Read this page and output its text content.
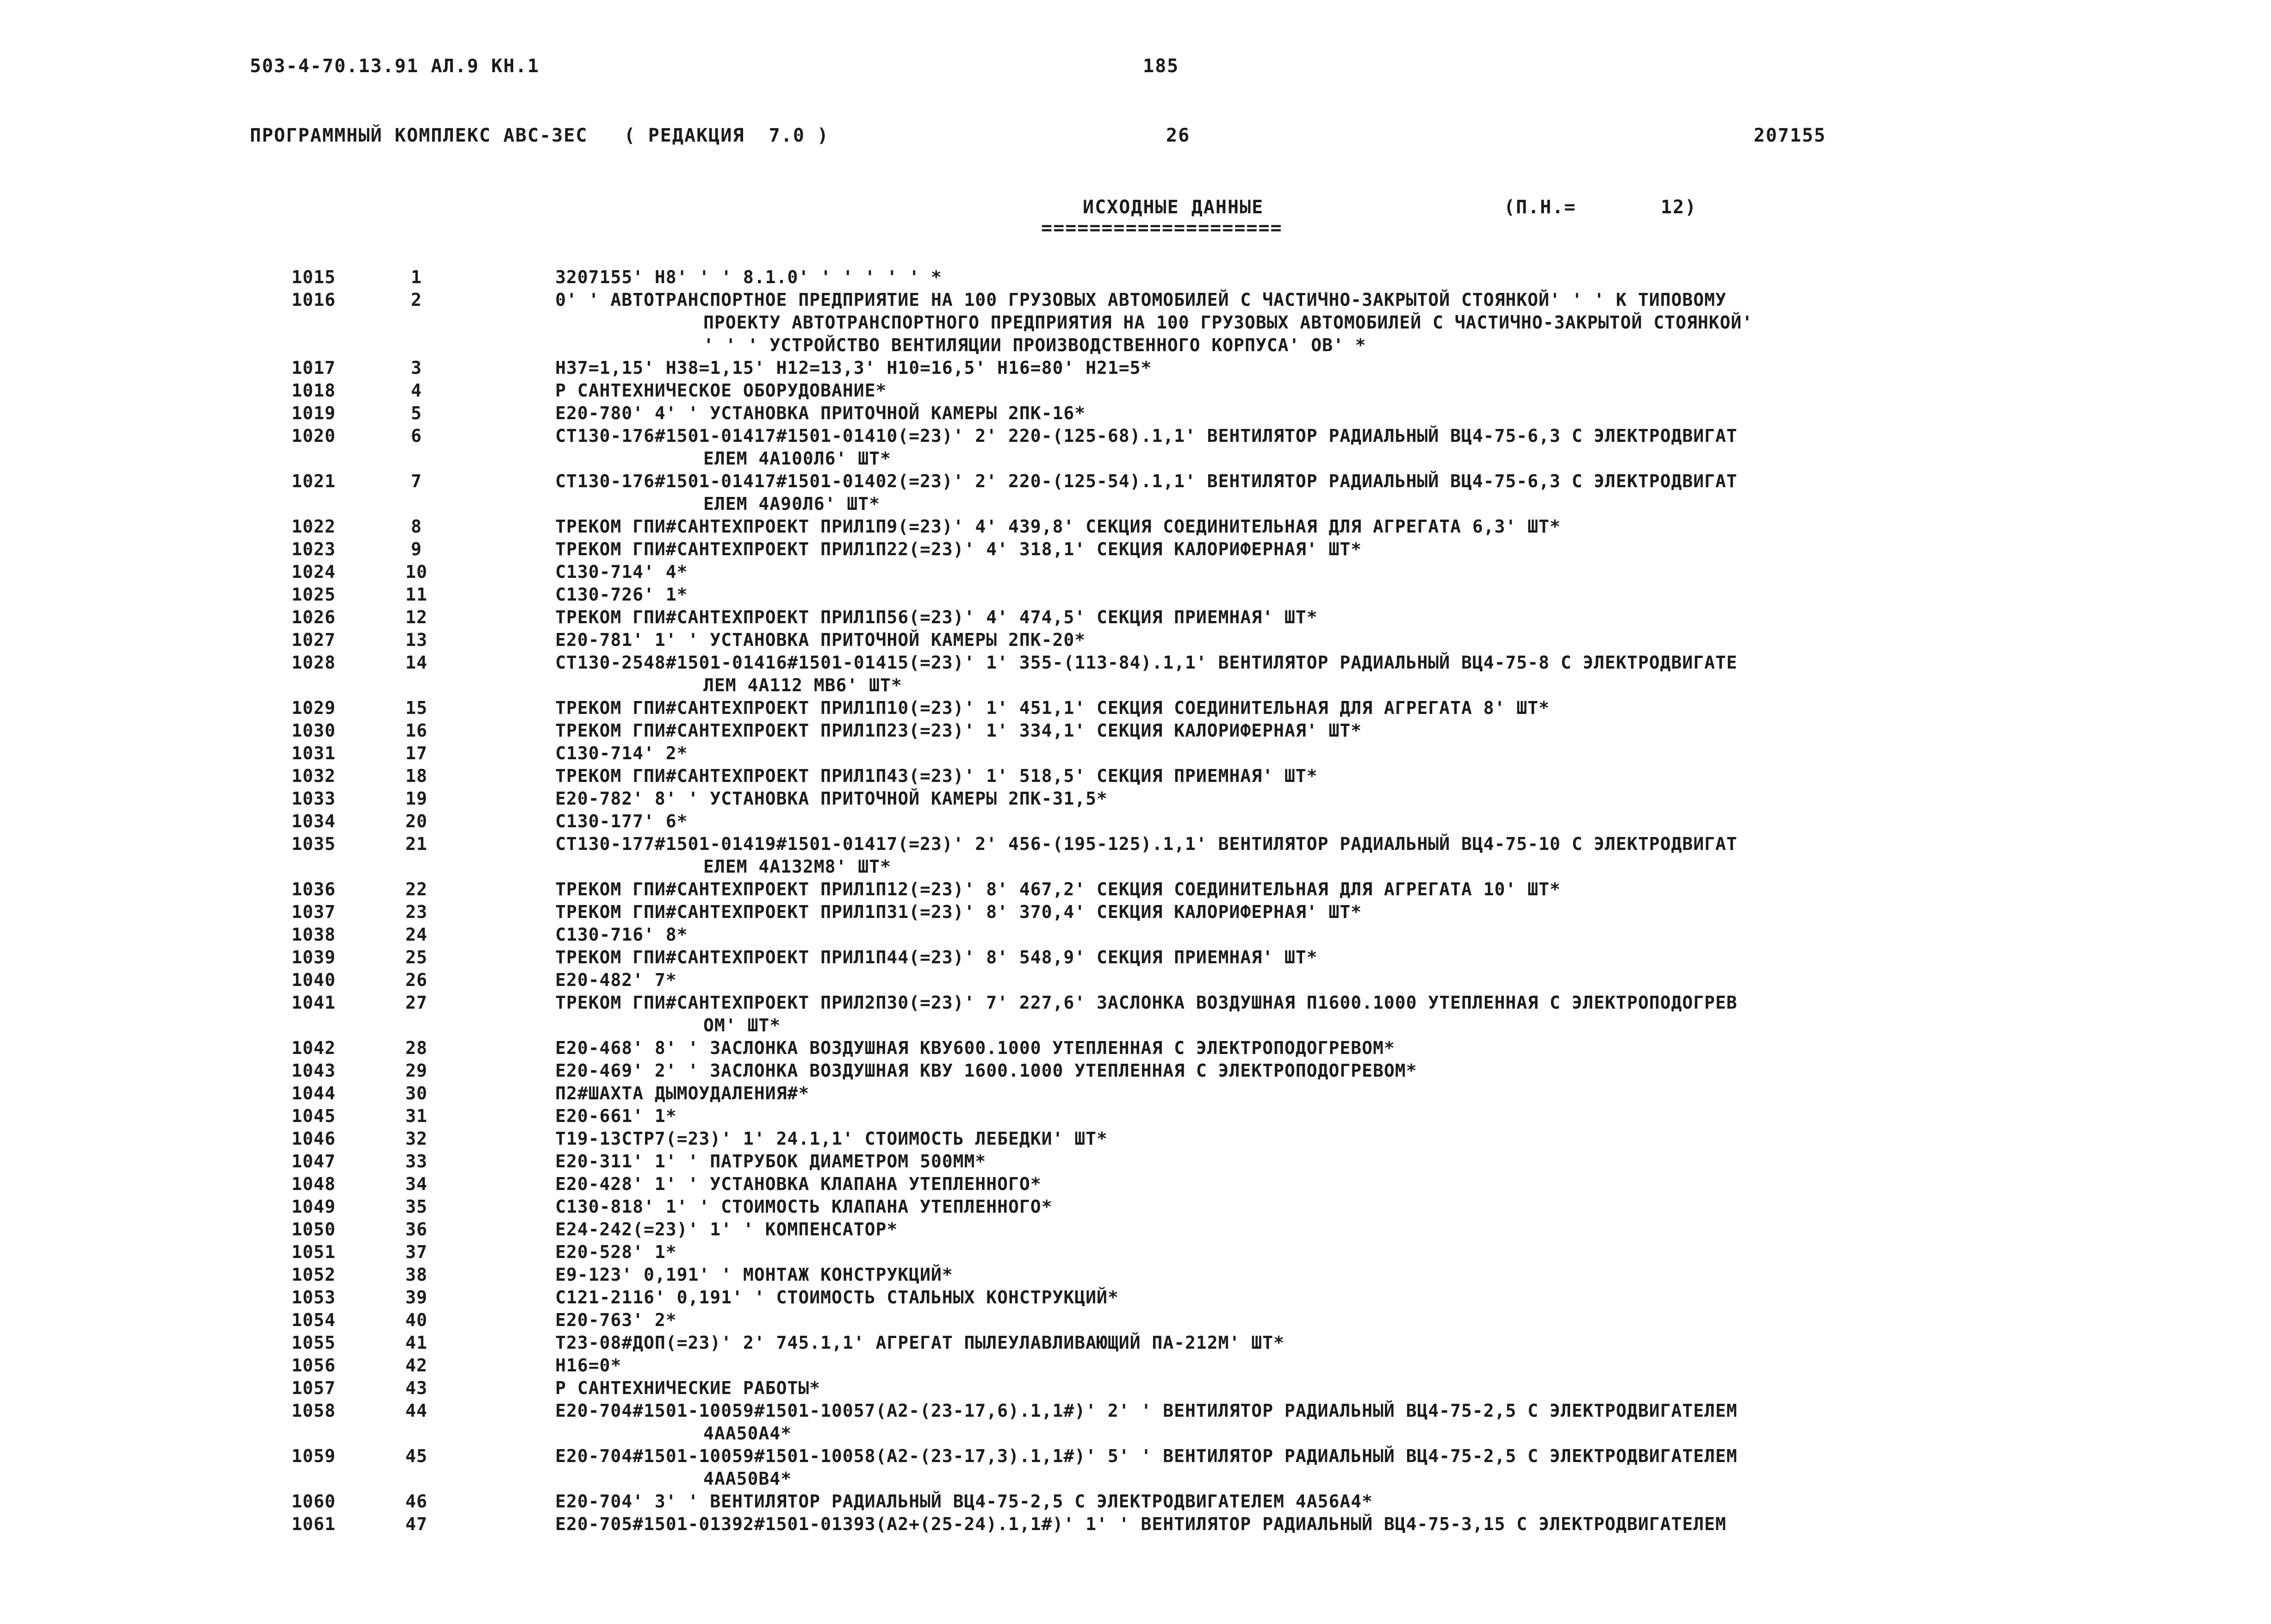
503-4-70.13.91 АЛ.9 КН.1	185
ПРОГРАММНЫЙ КОМПЛЕКС АВС-3ЕС   ( РЕДАКЦИЯ  7.0 )	26	207155
ИСХОДНЫЕ ДАННЫЕ
====================
(П.Н.=       12)
1015	1	3207155' Н8' ' ' 8.1.0' ' ' ' ' ' *
1016	2	0' ' АВТОТРАНСПОРТНОЕ ПРЕДПРИЯТИЕ НА 100 ГРУЗОВЫХ АВТОМОБИЛЕЙ С ЧАСТИЧНО-ЗАКРЫТОЙ СТОЯНКОЙ' ' ' К ТИПОВОМУ
ПРОЕКТУ АВТОТРАНСПОРТНОГО ПРЕДПРИЯТИЯ НА 100 ГРУЗОВЫХ АВТОМОБИЛЕЙ С ЧАСТИЧНО-ЗАКРЫТОЙ СТОЯНКОЙ'
' ' ' УСТРОЙСТВО ВЕНТИЛЯЦИИ ПРОИЗВОДСТВЕННОГО КОРПУСА' ОВ' *
1017	3	Н37=1,15' Н38=1,15' Н12=13,3' Н10=16,5' Н16=80' Н21=5*
1018	4	Р САНТЕХНИЧЕСКОЕ ОБОРУДОВАНИЕ*
1019	5	Е20-780' 4' ' УСТАНОВКА ПРИТОЧНОЙ КАМЕРЫ 2ПК-16*
1020	6	СТ130-176#1501-01417#1501-01410(=23)' 2' 220-(125-68).1,1' ВЕНТИЛЯТОР РАДИАЛЬНЫЙ ВЦ4-75-6,3 С ЭЛЕКТРОДВИГАТ
ЕЛЕМ 4А100Л6' ШТ*
1021	7	СТ130-176#1501-01417#1501-01402(=23)' 2' 220-(125-54).1,1' ВЕНТИЛЯТОР РАДИАЛЬНЫЙ ВЦ4-75-6,3 С ЭЛЕКТРОДВИГАТ
ЕЛЕМ 4А90Л6' ШТ*
1022	8	ТРЕКОМ ГПИ#САНТЕХПРОЕКТ ПРИЛ1П9(=23)' 4' 439,8' СЕКЦИЯ СОЕДИНИТЕЛЬНАЯ ДЛЯ АГРЕГАТА 6,3' ШТ*
1023	9	ТРЕКОМ ГПИ#САНТЕХПРОЕКТ ПРИЛ1П22(=23)' 4' 318,1' СЕКЦИЯ КАЛОРИФЕРНАЯ' ШТ*
1024	10	С130-714' 4*
1025	11	С130-726' 1*
1026	12	ТРЕКОМ ГПИ#САНТЕХПРОЕКТ ПРИЛ1П56(=23)' 4' 474,5' СЕКЦИЯ ПРИЕМНАЯ' ШТ*
1027	13	Е20-781' 1' ' УСТАНОВКА ПРИТОЧНОЙ КАМЕРЫ 2ПК-20*
1028	14	СТ130-2548#1501-01416#1501-01415(=23)' 1' 355-(113-84).1,1' ВЕНТИЛЯТОР РАДИАЛЬНЫЙ ВЦ4-75-8 С ЭЛЕКТРОДВИГАТЕ
ЛЕМ 4А112 МВ6' ШТ*
1029	15	ТРЕКОМ ГПИ#САНТЕХПРОЕКТ ПРИЛ1П10(=23)' 1' 451,1' СЕКЦИЯ СОЕДИНИТЕЛЬНАЯ ДЛЯ АГРЕГАТА 8' ШТ*
1030	16	ТРЕКОМ ГПИ#САНТЕХПРОЕКТ ПРИЛ1П23(=23)' 1' 334,1' СЕКЦИЯ КАЛОРИФЕРНАЯ' ШТ*
1031	17	С130-714' 2*
1032	18	ТРЕКОМ ГПИ#САНТЕХПРОЕКТ ПРИЛ1П43(=23)' 1' 518,5' СЕКЦИЯ ПРИЕМНАЯ' ШТ*
1033	19	Е20-782' 8' ' УСТАНОВКА ПРИТОЧНОЙ КАМЕРЫ 2ПК-31,5*
1034	20	С130-177' 6*
1035	21	СТ130-177#1501-01419#1501-01417(=23)' 2' 456-(195-125).1,1' ВЕНТИЛЯТОР РАДИАЛЬНЫЙ ВЦ4-75-10 С ЭЛЕКТРОДВИГАТ
ЕЛЕМ 4А132М8' ШТ*
1036	22	ТРЕКОМ ГПИ#САНТЕХПРОЕКТ ПРИЛ1П12(=23)' 8' 467,2' СЕКЦИЯ СОЕДИНИТЕЛЬНАЯ ДЛЯ АГРЕГАТА 10' ШТ*
1037	23	ТРЕКОМ ГПИ#САНТЕХПРОЕКТ ПРИЛ1П31(=23)' 8' 370,4' СЕКЦИЯ КАЛОРИФЕРНАЯ' ШТ*
1038	24	С130-716' 8*
1039	25	ТРЕКОМ ГПИ#САНТЕХПРОЕКТ ПРИЛ1П44(=23)' 8' 548,9' СЕКЦИЯ ПРИЕМНАЯ' ШТ*
1040	26	Е20-482' 7*
1041	27	ТРЕКОМ ГПИ#САНТЕХПРОЕКТ ПРИЛ2П30(=23)' 7' 227,6' ЗАСЛОНКА ВОЗДУШНАЯ П1600.1000 УТЕПЛЕННАЯ С ЭЛЕКТРОПОДОГРЕВ
ОМ' ШТ*
1042	28	Е20-468' 8' ' ЗАСЛОНКА ВОЗДУШНАЯ КВУ600.1000 УТЕПЛЕННАЯ С ЭЛЕКТРОПОДОГРЕВОМ*
1043	29	Е20-469' 2' ' ЗАСЛОНКА ВОЗДУШНАЯ КВУ 1600.1000 УТЕПЛЕННАЯ С ЭЛЕКТРОПОДОГРЕВОМ*
1044	30	П2#ШАХТА ДЫМОУДАЛЕНИЯ#*
1045	31	Е20-661' 1*
1046	32	Т19-13СТР7(=23)' 1' 24.1,1' СТОИМОСТЬ ЛЕБЕДКИ' ШТ*
1047	33	Е20-311' 1' ' ПАТРУБОК ДИАМЕТРОМ 500ММ*
1048	34	Е20-428' 1' ' УСТАНОВКА КЛАПАНА УТЕПЛЕННОГО*
1049	35	С130-818' 1' ' СТОИМОСТЬ КЛАПАНА УТЕПЛЕННОГО*
1050	36	Е24-242(=23)' 1' ' КОМПЕНСАТОР*
1051	37	Е20-528' 1*
1052	38	Е9-123' 0,191' ' МОНТАЖ КОНСТРУКЦИЙ*
1053	39	С121-2116' 0,191' ' СТОИМОСТЬ СТАЛЬНЫХ КОНСТРУКЦИЙ*
1054	40	Е20-763' 2*
1055	41	Т23-08#ДОП(=23)' 2' 745.1,1' АГРЕГАТ ПЫЛЕУЛАВЛИВАЮЩИЙ ПА-212М' ШТ*
1056	42	Н16=0*
1057	43	Р САНТЕХНИЧЕСКИЕ РАБОТЫ*
1058	44	Е20-704#1501-10059#1501-10057(А2-(23-17,6).1,1#)' 2' ' ВЕНТИЛЯТОР РАДИАЛЬНЫЙ ВЦ4-75-2,5 С ЭЛЕКТРОДВИГАТЕЛЕМ
4АА50А4*
1059	45	Е20-704#1501-10059#1501-10058(А2-(23-17,3).1,1#)' 5' ' ВЕНТИЛЯТОР РАДИАЛЬНЫЙ ВЦ4-75-2,5 С ЭЛЕКТРОДВИГАТЕЛЕМ
4АА50В4*
1060	46	Е20-704' 3' ' ВЕНТИЛЯТОР РАДИАЛЬНЫЙ ВЦ4-75-2,5 С ЭЛЕКТРОДВИГАТЕЛЕМ 4А56А4*
1061	47	Е20-705#1501-01392#1501-01393(А2+(25-24).1,1#)' 1' ' ВЕНТИЛЯТОР РАДИАЛЬНЫЙ ВЦ4-75-3,15 С ЭЛЕКТРОДВИГАТЕЛЕМ
